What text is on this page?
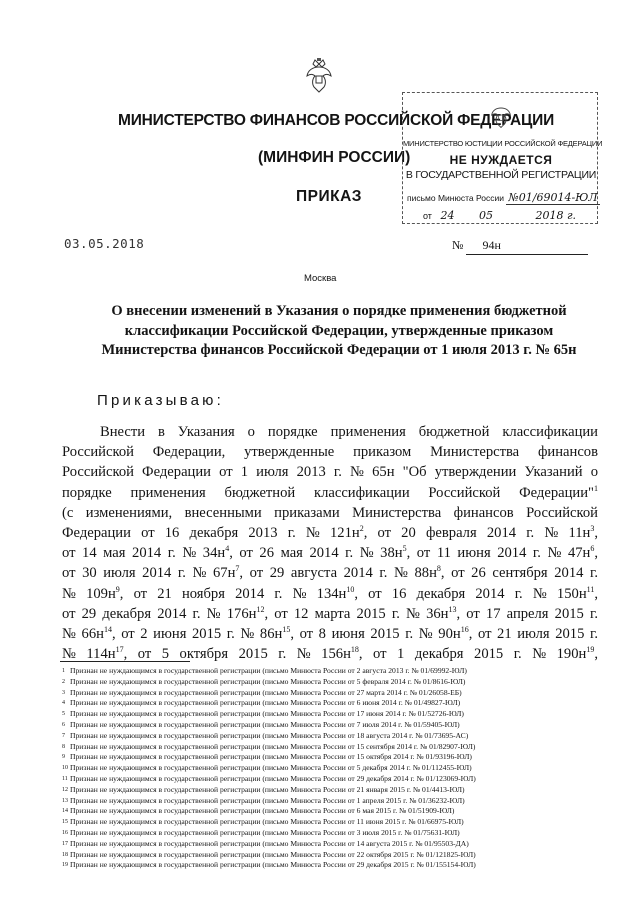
МИНИСТЕРСТВО ФИНАНСОВ РОССИЙСКОЙ ФЕДЕРАЦИИ
(МИНФИН РОССИИ)
ПРИКАЗ
МИНИСТЕРСТВО ЮСТИЦИИ РОССИЙСКОЙ ФЕДЕРАЦИИ
НЕ НУЖДАЕТСЯ
В ГОСУДАРСТВЕННОЙ РЕГИСТРАЦИИ
письмо Минюста России №01/69014-ЮЛ
от 24 05	2018 г.
03.05.2018	№ 94н
Москва
О внесении изменений в Указания о порядке применения бюджетной классификации Российской Федерации, утвержденные приказом Министерства финансов Российской Федерации от 1 июля 2013 г. № 65н
Приказываю:
Внести в Указания о порядке применения бюджетной классификации
Российской Федерации, утвержденные приказом Министерства финансов
Российской Федерации от 1 июля 2013 г. № 65н "Об утверждении Указаний о
порядке применения бюджетной классификации Российской Федерации"$^1$
(с изменениями, внесенными приказами Министерства финансов Российской
Федерации от 16 декабря 2013 г. № $121н^2$, от 20 февраля 2014 г. № $11н^3$,
от 14 мая 2014 г. № $34н^4$, от 26 мая 2014 г. № $38н^5$, от 11 июня 2014 г. № $47н^6$,
от 30 июля 2014 г. № $67н^7$, от 29 августа 2014 г. № $88н^8$, от 26 сентября 2014 г.
№ $109н^9$, от 21 ноября 2014 г. № $134н^{10}$, от 16 декабря 2014 г. № $150н^{11}$,
от 29 декабря 2014 г. № $176н^{12}$, от 12 марта 2015 г. № $36н^{13}$, от 17 апреля 2015 г.
№ $66н^{14}$, от 2 июня 2015 г. № $86н^{15}$, от 8 июня 2015 г. № $90н^{16}$, от 21 июля 2015 г.
№ $114н^{17}$, от 5 октября 2015 г. № $156н^{18}$, от 1 декабря 2015 г. № $190н^{19}$,
1 Признан не нуждающимся в государственной регистрации (письмо Минюста России от 2 августа 2013 г. № 01/69992-ЮЛ)
2 Признан не нуждающимся в государственной регистрации (письмо Минюста России от 5 февраля 2014 г. № 01/8616-ЮЛ)
3 Признан не нуждающимся в государственной регистрации (письмо Минюста России от 27 марта 2014 г. № 01/26058-ЕБ)
4 Признан не нуждающимся в государственной регистрации (письмо Минюста России от 6 июня 2014 г. № 01/49827-ЮЛ)
5 Признан не нуждающимся в государственной регистрации (письмо Минюста России от 17 июня 2014 г. № 01/52726-ЮЛ)
6 Признан не нуждающимся в государственной регистрации (письмо Минюста России от 7 июля 2014 г. № 01/59405-ЮЛ)
7 Признан не нуждающимся в государственной регистрации (письмо Минюста России от 18 августа 2014 г. № 01/73695-АС)
8 Признан не нуждающимся в государственной регистрации (письмо Минюста России от 15 сентября 2014 г. № 01/82907-ЮЛ)
9 Признан не нуждающимся в государственной регистрации (письмо Минюста России от 15 октября 2014 г. № 01/93196-ЮЛ)
10 Признан не нуждающимся в государственной регистрации (письмо Минюста России от 5 декабря 2014 г. № 01/112455-ЮЛ)
11 Признан не нуждающимся в государственной регистрации (письмо Минюста России от 29 декабря 2014 г. № 01/123069-ЮЛ)
12 Признан не нуждающимся в государственной регистрации (письмо Минюста России от 21 января 2015 г. № 01/4413-ЮЛ)
13 Признан не нуждающимся в государственной регистрации (письмо Минюста России от 1 апреля 2015 г. № 01/36232-ЮЛ)
14 Признан не нуждающимся в государственной регистрации (письмо Минюста России от 6 мая 2015 г. № 01/51909-ЮЛ)
15 Признан не нуждающимся в государственной регистрации (письмо Минюста России от 11 июня 2015 г. № 01/66975-ЮЛ)
16 Признан не нуждающимся в государственной регистрации (письмо Минюста России от 3 июля 2015 г. № 01/75631-ЮЛ)
17 Признан не нуждающимся в государственной регистрации (письмо Минюста России от 14 августа 2015 г. № 01/95503-ДА)
18 Признан не нуждающимся в государственной регистрации (письмо Минюста России от 22 октября 2015 г. № 01/121825-ЮЛ)
19 Признан не нуждающимся в государственной регистрации (письмо Минюста России от 29 декабря 2015 г. № 01/155154-ЮЛ)
